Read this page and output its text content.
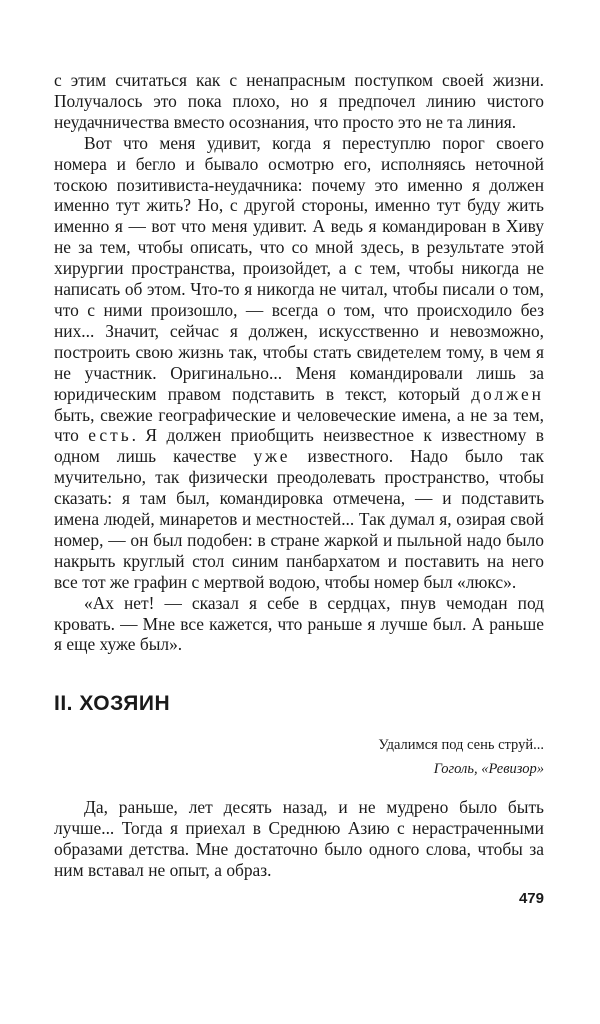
с этим считаться как с ненапрасным поступком своей жизни. Получалось это пока плохо, но я предпочел линию чистого неудачничества вместо осознания, что просто это не та линия.

Вот что меня удивит, когда я переступлю порог своего номера и бегло и бывало осмотрю его, исполняясь неточной тоскою позитивиста-неудачника: почему это именно я должен именно тут жить? Но, с другой стороны, именно тут буду жить именно я — вот что меня удивит. А ведь я командирован в Хиву не за тем, чтобы описать, что со мной здесь, в результате этой хирургии пространства, произойдет, а с тем, чтобы никогда не написать об этом. Что-то я никогда не читал, чтобы писали о том, что с ними произошло, — всегда о том, что происходило без них... Значит, сейчас я должен, искусственно и невозможно, построить свою жизнь так, чтобы стать свидетелем тому, в чем я не участник. Оригинально... Меня командировали лишь за юридическим правом подставить в текст, который должен быть, свежие географические и человеческие имена, а не за тем, что есть. Я должен приобщить неизвестное к известному в одном лишь качестве уже известного. Надо было так мучительно, так физически преодолевать пространство, чтобы сказать: я там был, командировка отмечена, — и подставить имена людей, минаретов и местностей... Так думал я, озирая свой номер, — он был подобен: в стране жаркой и пыльной надо было накрыть круглый стол синим панбархатом и поставить на него все тот же графин с мертвой водою, чтобы номер был «люкс».

«Ах нет! — сказал я себе в сердцах, пнув чемодан под кровать. — Мне все кажется, что раньше я лучше был. А раньше я еще хуже был».

II. ХОЗЯИН
Удалимся под сень струй...
Гоголь, «Ревизор»

Да, раньше, лет десять назад, и не мудрено было быть лучше... Тогда я приехал в Среднюю Азию с нерастраченными образами детства. Мне достаточно было одного слова, чтобы за ним вставал не опыт, а образ.

479
